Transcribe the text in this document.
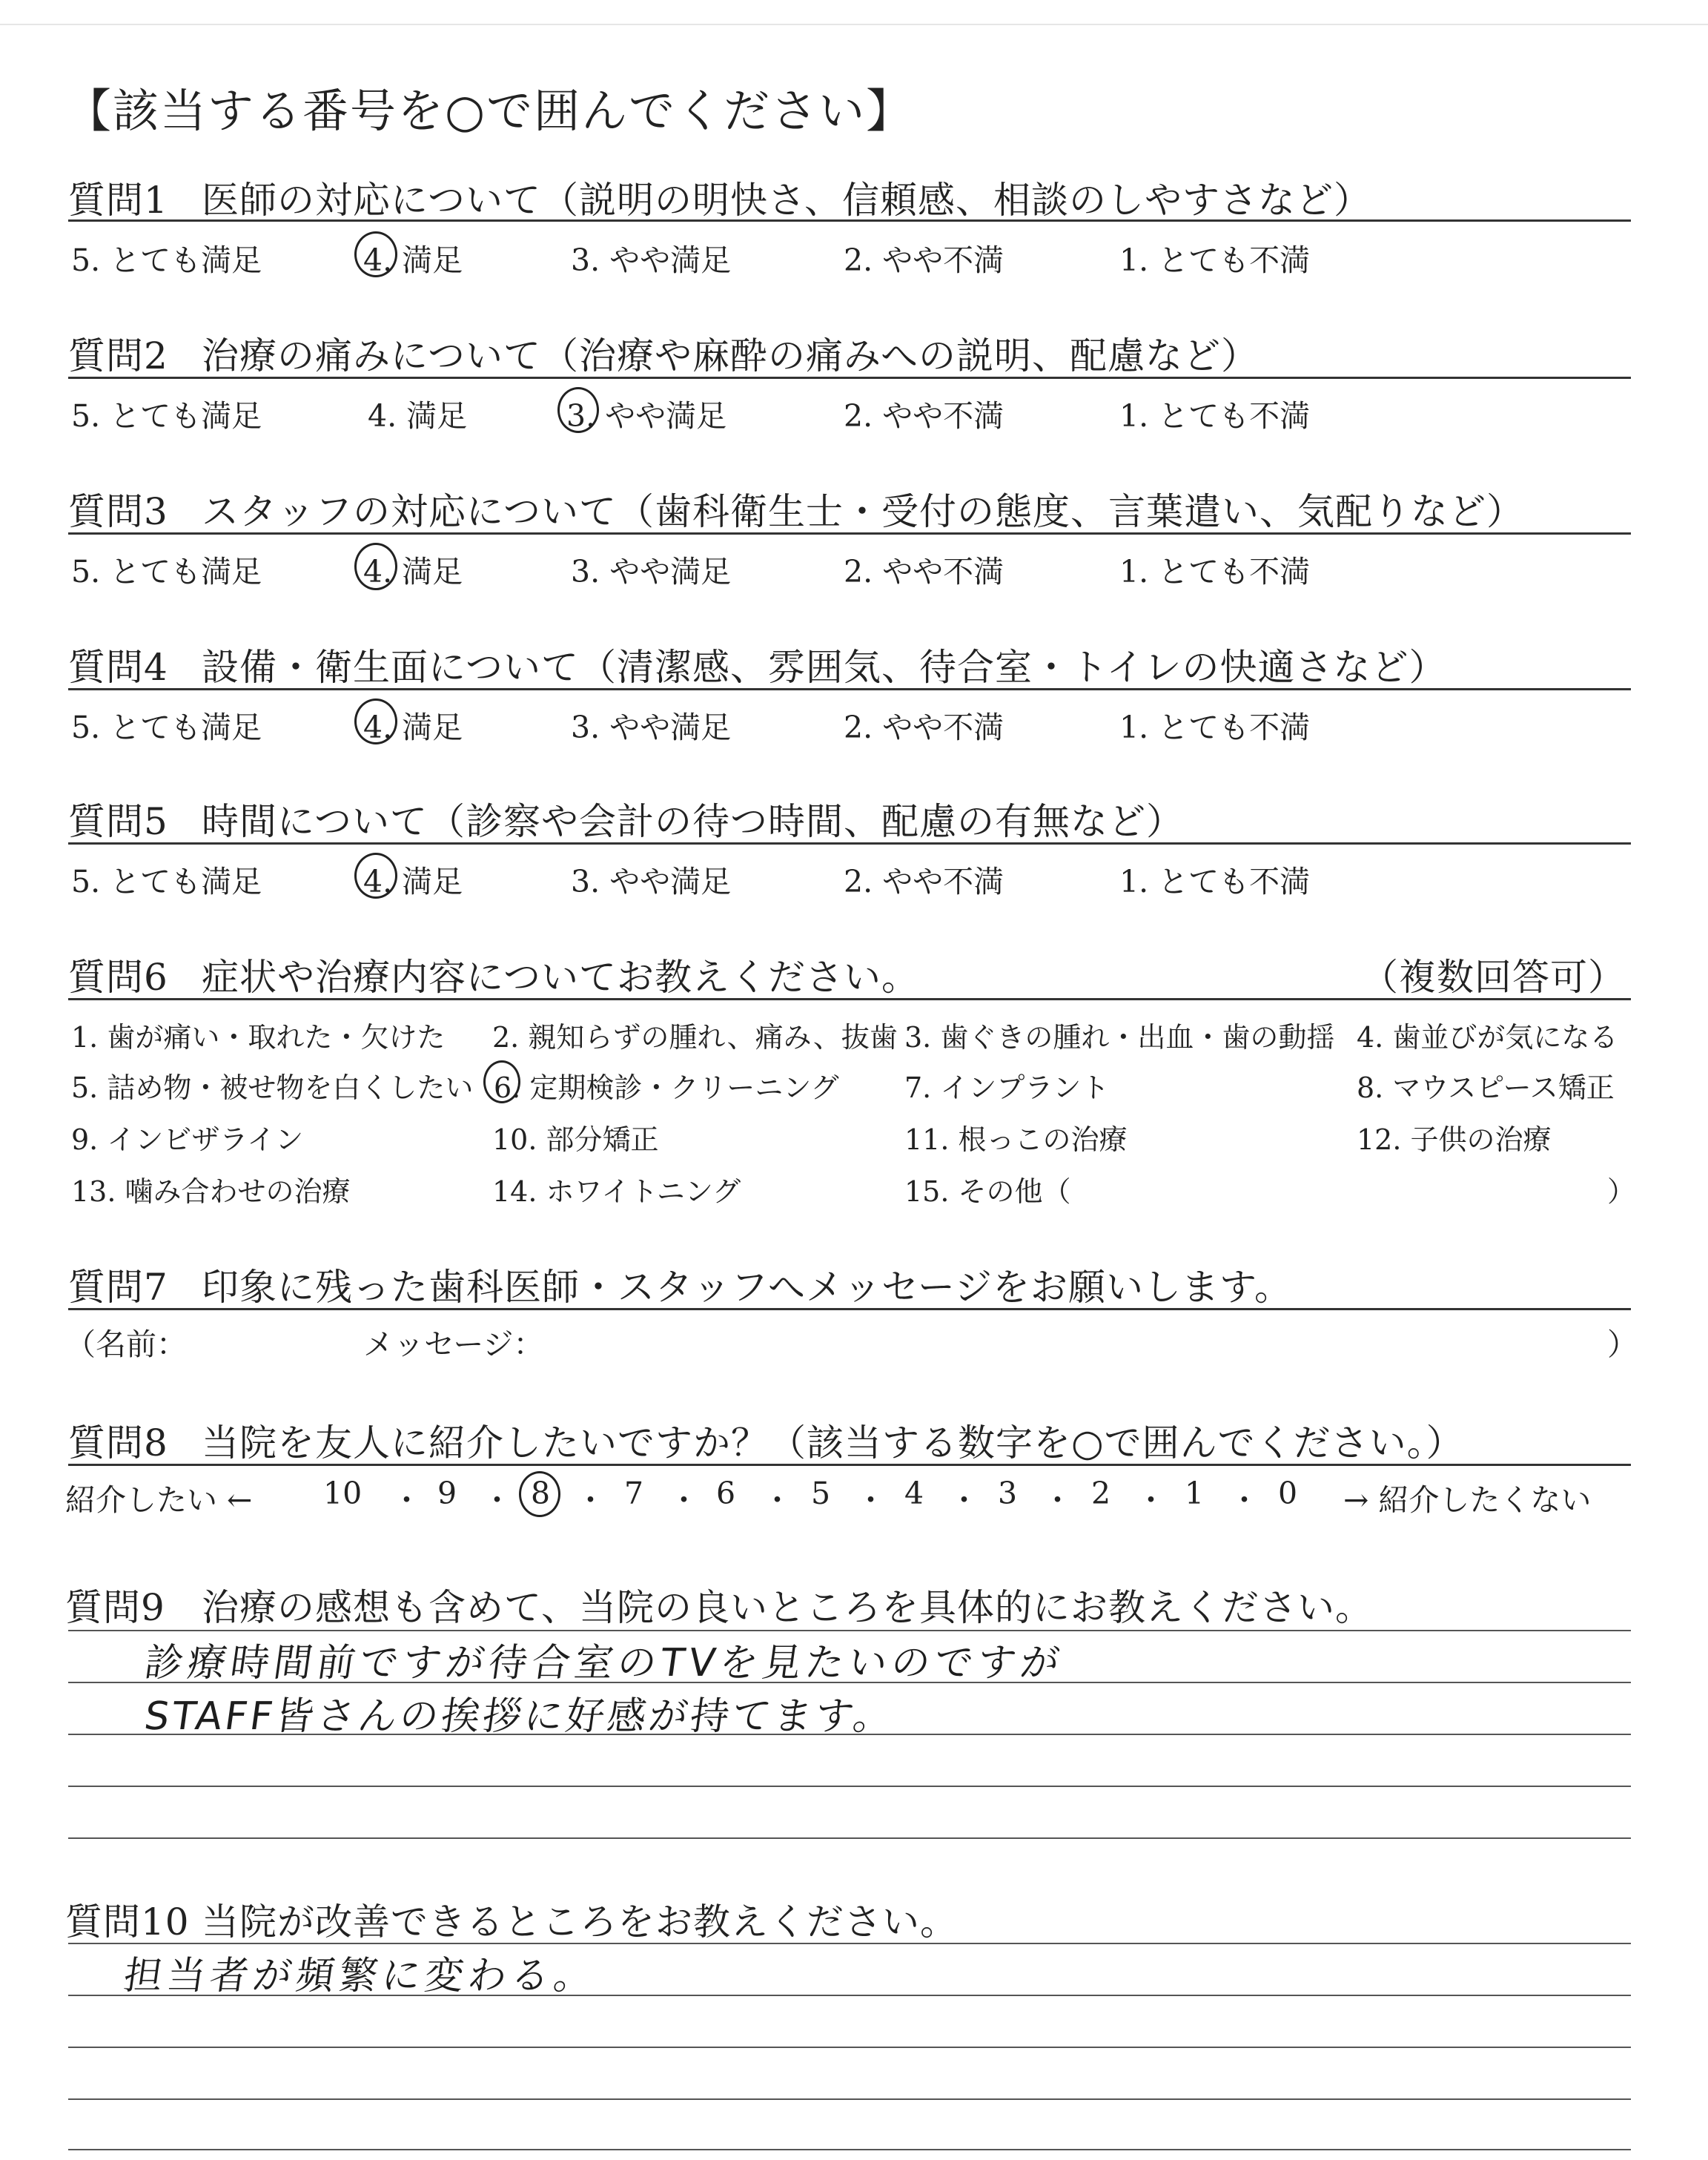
【該当する番号を○で囲んでください】
質問1 医師の対応について（説明の明快さ、信頼感、相談のしやすさなど）
5. とても満足	4. 満足	3. やや満足	2. やや不満	1. とても不満
質問2 治療の痛みについて（治療や麻酔の痛みへの説明、配慮など）
5. とても満足	4. 満足	3. やや満足	2. やや不満	1. とても不満
質問3 スタッフの対応について（歯科衛生士・受付の態度、言葉遣い、気配りなど）
5. とても満足	4. 満足	3. やや満足	2. やや不満	1. とても不満
質問4 設備・衛生面について（清潔感、雰囲気、待合室・トイレの快適さなど）
5. とても満足	4. 満足	3. やや満足	2. やや不満	1. とても不満
質問5 時間について（診察や会計の待つ時間、配慮の有無など）
5. とても満足	4. 満足	3. やや満足	2. やや不満	1. とても不満
質問6 症状や治療内容についてお教えください。	（複数回答可）
1. 歯が痛い・取れた・欠けた 2. 親知らずの腫れ、痛み、抜歯 3. 歯ぐきの腫れ・出血・歯の動揺 4. 歯並びが気になる
5. 詰め物・被せ物を白くしたい 6. 定期検診・クリーニング 7. インプラント	8. マウスピース矯正
9. インビザライン	10. 部分矯正	11. 根っこの治療	12. 子供の治療
13. 噛み合わせの治療	14. ホワイトニング	15. その他（	）
質問7 印象に残った歯科医師・スタッフへメッセージをお願いします。
（名前：	メッセージ：	）
質問8 当院を友人に紹介したいですか？（該当する数字を○で囲んでください。）
紹介したい ←	→ 紹介したくない
10 ・ 9 ・ 8 ・ 7 ・ 6 ・ 5 ・ 4 ・ 3 ・ 2 ・ 1 ・ 0
質問9 治療の感想も含めて、当院の良いところを具体的にお教えください。
診療時間前ですが待合室のTVを見たいのですが
STAFF皆さんの挨拶に好感が持てます。
質問10 当院が改善できるところをお教えください。
担当者が頻繁に変わる。
